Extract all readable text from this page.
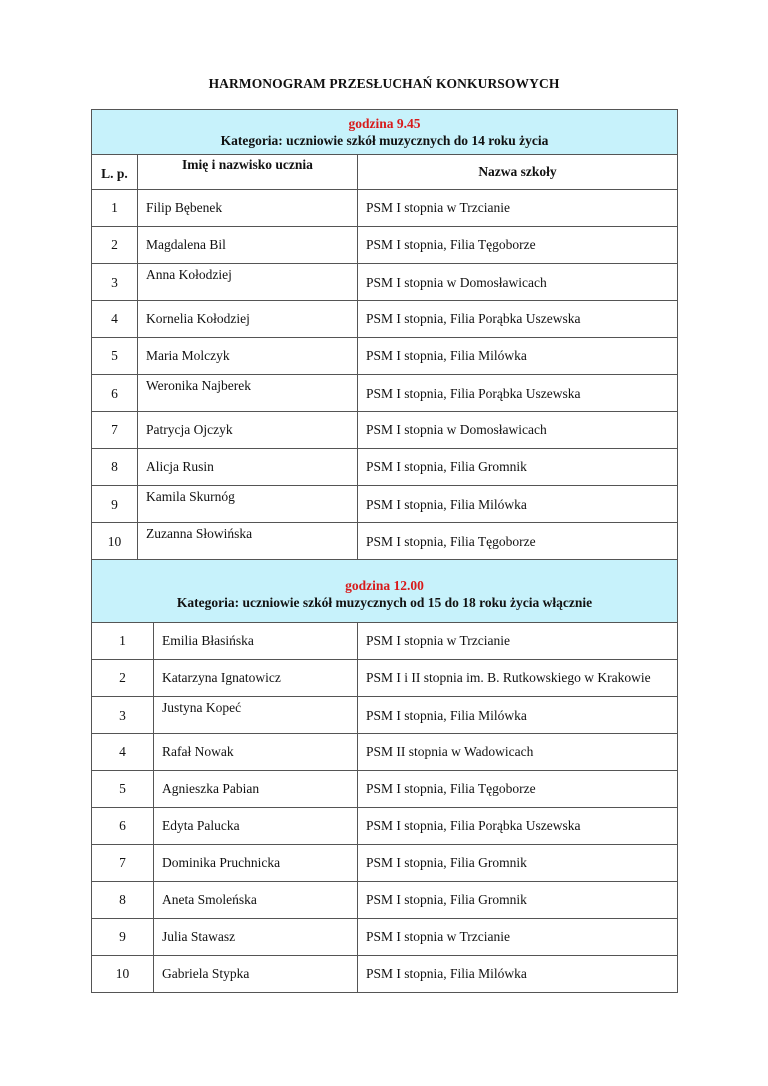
HARMONOGRAM PRZESŁUCHAŃ KONKURSOWYCH
godzina 9.45
Kategoria: uczniowie szkół muzycznych do 14 roku życia		

L. p.	Imię i nazwisko ucznia	Nazwa szkoły
1	Filip Bębenek	PSM I stopnia w Trzcianie
2	Magdalena Bil	PSM I stopnia, Filia Tęgoborze
3	Anna Kołodziej	PSM I stopnia w Domosławicach
4	Kornelia Kołodziej	PSM I stopnia, Filia Porąbka Uszewska
5	Maria Molczyk	PSM I stopnia, Filia Milówka
6	Weronika Najberek	PSM I stopnia, Filia Porąbka Uszewska
7	Patrycja Ojczyk	PSM I stopnia w Domosławicach
8	Alicja Rusin	PSM I stopnia, Filia Gromnik
9	Kamila Skurnóg	PSM I stopnia, Filia Milówka
10	Zuzanna Słowińska	PSM I stopnia, Filia Tęgoborze
godzina 12.00
Kategoria: uczniowie szkół muzycznych od 15 do 18 roku życia włącznie		

1	Emilia Błasińska	PSM I stopnia w Trzcianie
2	Katarzyna Ignatowicz	PSM I i II stopnia im. B. Rutkowskiego w Krakowie
3	Justyna Kopeć	PSM I stopnia, Filia Milówka
4	Rafał Nowak	PSM II stopnia w Wadowicach
5	Agnieszka Pabian	PSM I stopnia, Filia Tęgoborze
6	Edyta Palucka	PSM I stopnia, Filia Porąbka Uszewska
7	Dominika Pruchnicka	PSM I stopnia, Filia Gromnik
8	Aneta Smoleńska	PSM I stopnia, Filia Gromnik
9	Julia Stawasz	PSM I stopnia w Trzcianie
10	Gabriela Stypka	PSM I stopnia, Filia Milówka
